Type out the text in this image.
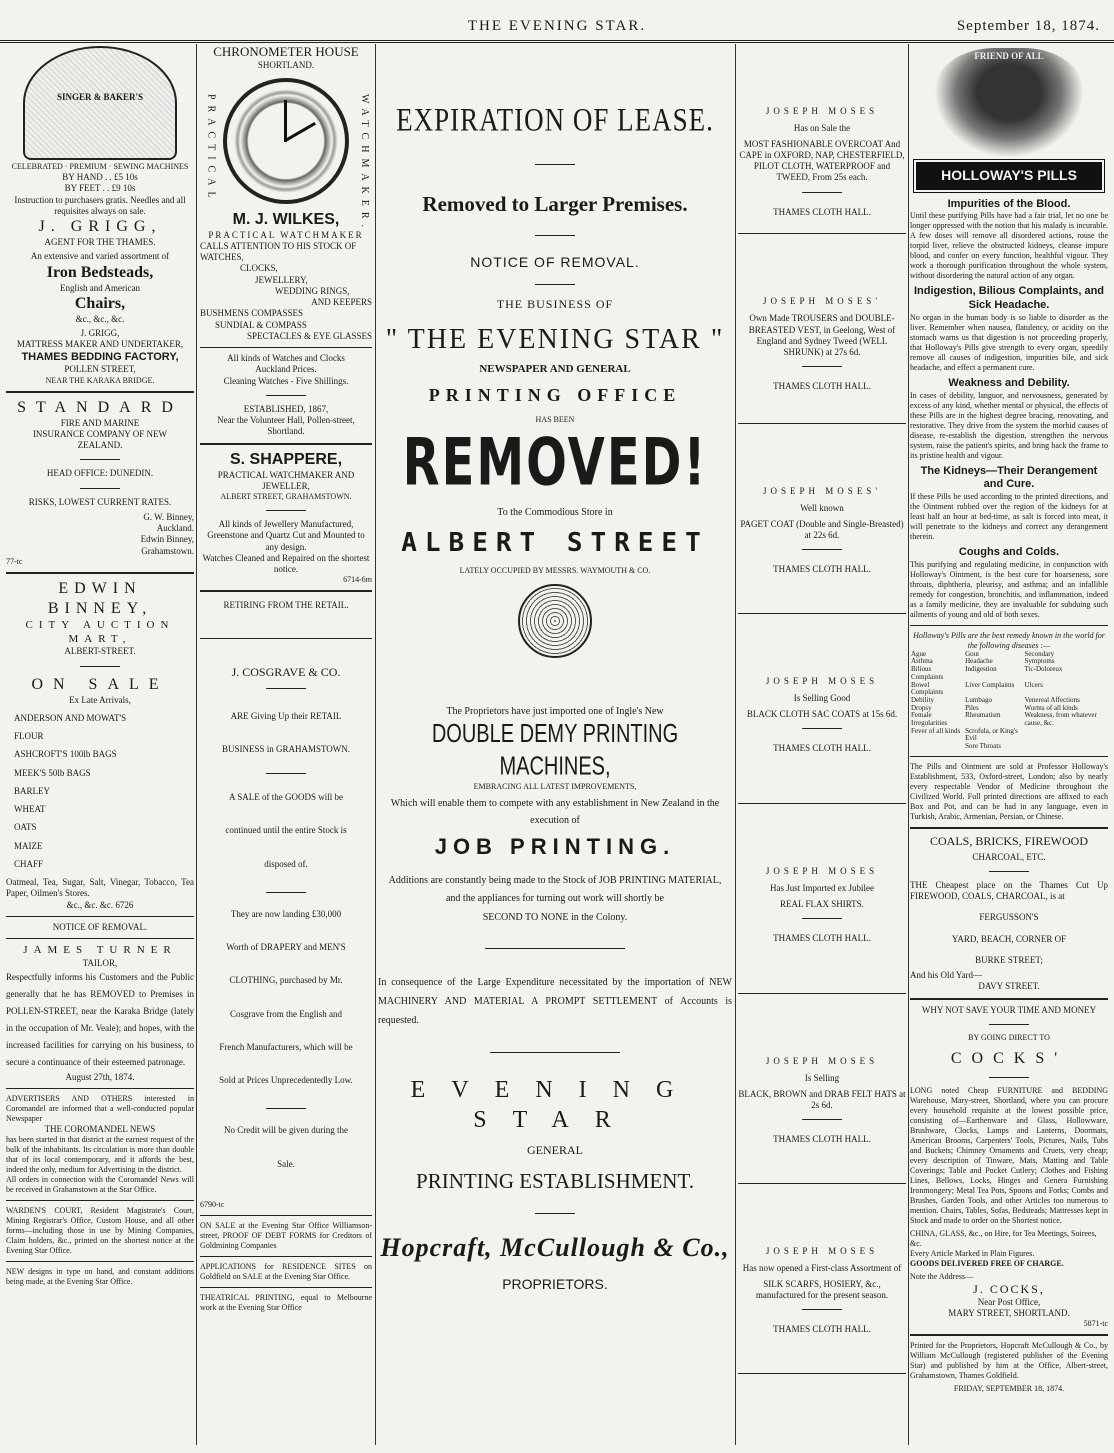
THE EVENING STAR.	September 18, 1874.
SINGER & BAKER'S
CELEBRATED · PREMIUM · SEWING MACHINES
BY HAND . . £5 10s
BY FEET . . £9 10s
Instruction to purchasers gratis. Needles and all requisites always on sale.
J. GRIGG,
AGENT FOR THE THAMES.
An extensive and varied assortment of
Iron Bedsteads,
English and American
Chairs,
&c., &c., &c.
J. GRIGG,
MATTRESS MAKER AND UNDERTAKER,
THAMES BEDDING FACTORY,
POLLEN STREET,
NEAR THE KARAKA BRIDGE.
STANDARD
FIRE AND MARINE
INSURANCE COMPANY OF NEW
ZEALAND.
HEAD OFFICE: DUNEDIN.
RISKS, LOWEST CURRENT RATES.
G. W. Binney,
Auckland.
Edwin Binney,
Grahamstown.
77-tc
EDWIN BINNEY,
CITY AUCTION MART,
ALBERT-STREET.
ON SALE
Ex Late Arrivals,
ANDERSON AND MOWAT'S
FLOUR
ASHCROFT'S 100lb BAGS
MEEK'S 50lb BAGS
BARLEY
WHEAT
OATS
MAIZE
CHAFF
Oatmeal, Tea, Sugar, Salt, Vinegar, Tobacco, Tea Paper, Oilmen's Stores.
&c., &c. &c. 6726
NOTICE OF REMOVAL.
JAMES TURNER
TAILOR,
Respectfully informs his Customers and the Public generally that he has REMOVED to Premises in POLLEN-STREET, near the Karaka Bridge (lately in the occupation of Mr. Veale); and hopes, with the increased facilities for carrying on his business, to secure a continuance of their esteemed patronage.
August 27th, 1874.
ADVERTISERS AND OTHERS interested in Coromandel are informed that a well-conducted popular Newspaper
THE COROMANDEL NEWS
has been started in that district at the earnest request of the bulk of the inhabitants. Its circulation is more than double that of its local contemporary, and it affords the best, indeed the only, medium for Advertising in the district.
All orders in connection with the Coromandel News will be received in Grahamstown at the Star Office.
WARDEN'S COURT, Resident Magistrate's Court, Mining Registrar's Office, Custom House, and all other forms—including those in use by Mining Companies, Claim holders, &c., printed on the shortest notice at the Evening Star Office.
NEW designs in type on hand, and constant additions being made, at the Evening Star Office.
CHRONOMETER HOUSE
SHORTLAND.
PRACTICAL	WATCHMAKER.
M. J. WILKES,
PRACTICAL WATCHMAKER
CALLS ATTENTION TO HIS STOCK OF WATCHES,
CLOCKS,
JEWELLERY,
WEDDING RINGS,
AND KEEPERS
BUSHMENS COMPASSES
SUNDIAL & COMPASS
SPECTACLES & EYE GLASSES
All kinds of Watches and Clocks
Auckland Prices.
Cleaning Watches - Five Shillings.
ESTABLISHED, 1867,
Near the Volunteer Hall, Pollen-street,
Shortland.
S. SHAPPERE,
PRACTICAL WATCHMAKER AND JEWELLER,
ALBERT STREET, GRAHAMSTOWN.
All kinds of Jewellery Manufactured, Greenstone and Quartz Cut and Mounted to any design.
Watches Cleaned and Repaired on the shortest notice.
6714-6m
RETIRING FROM THE RETAIL.
J. COSGRAVE & CO.
ARE Giving Up their RETAIL
BUSINESS in GRAHAMSTOWN.
A SALE of the GOODS will be
continued until the entire Stock is
disposed of.
They are now landing £30,000
Worth of DRAPERY and MEN'S
CLOTHING, purchased by Mr.
Cosgrave from the English and
French Manufacturers, which will be
Sold at Prices Unprecedentedly Low.
No Credit will be given during the
Sale.
6790-tc
ON SALE at the Evening Star Office Williamson-street, PROOF OF DEBT FORMS for Creditors of Goldmining Companies
APPLICATIONS for RESIDENCE SITES on Goldfield on SALE at the Evening Star Office.
THEATRICAL PRINTING, equal to Melbourne work at the Evening Star Office
EXPIRATION OF LEASE.
Removed to Larger Premises.
NOTICE OF REMOVAL.
THE BUSINESS OF
" THE EVENING STAR "
NEWSPAPER AND GENERAL
PRINTING OFFICE
HAS BEEN
REMOVED!
To the Commodious Store in
ALBERT STREET
LATELY OCCUPIED BY MESSRS. WAYMOUTH & CO.
The Proprietors have just imported one of Ingle's New
DOUBLE DEMY PRINTING MACHINES,
EMBRACING ALL LATEST IMPROVEMENTS,
Which will enable them to compete with any establishment in New Zealand in the
execution of
JOB PRINTING.
Additions are constantly being made to the Stock of JOB PRINTING MATERIAL,
and the appliances for turning out work will shortly be
SECOND TO NONE in the Colony.
In consequence of the Large Expenditure necessitated by the importation of NEW MACHINERY AND MATERIAL A PROMPT SETTLEMENT of Accounts is requested.
EVENING STAR
GENERAL
PRINTING ESTABLISHMENT.
Hopcraft, McCullough & Co.,
PROPRIETORS.
JOSEPH MOSES
Has on Sale the
MOST FASHIONABLE OVERCOAT And CAPE in OXFORD, NAP, CHESTERFIELD, PILOT CLOTH, WATERPROOF and TWEED, From 25s each.
THAMES CLOTH HALL.
JOSEPH MOSES'
Own Made TROUSERS and DOUBLE-BREASTED VEST, in Geelong, West of England and Sydney Tweed (WELL SHRUNK) at 27s 6d.
THAMES CLOTH HALL.
JOSEPH MOSES'
Well known
PAGET COAT (Double and Single-Breasted) at 22s 6d.
THAMES CLOTH HALL.
JOSEPH MOSES
Is Selling Good
BLACK CLOTH SAC COATS at 15s 6d.
THAMES CLOTH HALL.
JOSEPH MOSES
Has Just Imported ex Jubilee
REAL FLAX SHIRTS.
THAMES CLOTH HALL.
JOSEPH MOSES
Is Selling
BLACK, BROWN and DRAB FELT HATS at 2s 6d.
THAMES CLOTH HALL.
JOSEPH MOSES
Has now opened a First-class Assortment of
SILK SCARFS, HOSIERY, &c., manufactured for the present season.
THAMES CLOTH HALL.
FRIEND OF ALL
HOLLOWAY'S PILLS
Impurities of the Blood.
Until these purifying Pills have had a fair trial, let no one be longer oppressed with the notion that his malady is incurable. A few doses will remove all disordered actions, rouse the torpid liver, relieve the obstructed kidneys, cleanse impure blood, and confer on every function, healthful vigour. They work a thorough purification throughout the whole system, without disordering the natural action of any organ.
Indigestion, Bilious Complaints, and Sick Headache.
No organ in the human body is so liable to disorder as the liver. Remember when nausea, flatulency, or acidity on the stomach warns us that digestion is not proceeding properly, that Holloway's Pills give strength to every organ, speedily remove all causes of indigestion, impurities bile, and sick headache, and effect a permanent cure.
Weakness and Debility.
In cases of debility, languor, and nervousness, generated by excess of any kind, whether mental or physical, the effects of these Pills are in the highest degree bracing, renovating, and restorative. They drive from the system the morbid causes of disease, re-establish the digestion, strengthen the nervous system, raise the patient's spirits, and bring back the frame to its pristine health and vigour.
The Kidneys—Their Derangement and Cure.
If these Pills be used according to the printed directions, and the Ointment rubbed over the region of the kidneys for at least half an hour at bed-time, as salt is forced into meat, it will penetrate to the kidneys and correct any derangement therein.
Coughs and Colds.
This purifying and regulating medicine, in conjunction with Holloway's Ointment, is the best cure for hoarseness, sore throats, diphtheria, pleurisy, and asthma; and an infallible remedy for congestion, bronchitis, and inflammation, indeed as a family medicine, they are invaluable for subduing such ailments of young and old of both sexes.
Holloway's Pills are the best remedy known in the world for the following diseases :—
Ague	Gout	Secondary
Asthma	Headache	Symptoms
Bilious Complaints	Indigestion	Tic-Doloreux
Bowel Complaints	Liver Complaints	Ulcers
Debility	Lumbago	Venereal Affections
Dropsy	Piles	Worms of all kinds
Female Irregularities	Rheumatism	Weakness, from whatever cause, &c.
Fever of all kinds	Scrofula, or King's Evil	
	Sore Throats	
The Pills and Ointment are sold at Professor Holloway's Establishment, 533, Oxford-street, London; also by nearly every respectable Vendor of Medicine throughout the Civilized World. Full printed directions are affixed to each Box and Pot, and can be had in any language, even in Turkish, Arabic, Armenian, Persian, or Chinese.
COALS, BRICKS, FIREWOOD
CHARCOAL, ETC.
THE Cheapest place on the Thames Cut Up FIREWOOD, COALS, CHARCOAL, is at
FERGUSSON'S
YARD, BEACH, CORNER OF
BURKE STREET;
And his Old Yard—
DAVY STREET.
WHY NOT SAVE YOUR TIME AND MONEY
BY GOING DIRECT TO
COCKS'
LONG noted Cheap FURNITURE and BEDDING Warehouse, Mary-street, Shortland, where you can procure every household requisite at the lowest possible price, consisting of—Earthenware and Glass, Hollowware, Brushware, Clocks, Lamps and Lanterns, Doormats, American Brooms, Carpenters' Tools, Pictures, Nails, Tubs and Buckets; Chimney Ornaments and Cruets, very cheap; every description of Tinware, Mats, Matting and Table Coverings; Table and Pocket Cutlery; Clothes and Fishing Lines, Bellows, Locks, Hinges and Genera Furnishing Ironmongery; Metal Tea Pots, Spoons and Forks; Combs and Brushes, Garden Tools, and other Articles too numerous to mention. Chairs, Tables, Sofas, Bedsteads; Mattresses kept in Stock and made to order on the Shortest notice.
CHINA, GLASS, &c., on Hire, for Tea Meetings, Soirees, &c.
Every Article Marked in Plain Figures.
GOODS DELIVERED FREE OF CHARGE.
Note the Address—
J. COCKS,
Near Post Office,
MARY STREET, SHORTLAND.
5871-tc
Printed for the Proprietors, Hopcraft McCullough & Co., by William McCullough (registered publisher of the Evening Star) and published by him at the Office, Albert-street, Grahamstown, Thames Goldfield.
FRIDAY, SEPTEMBER 18, 1874.
